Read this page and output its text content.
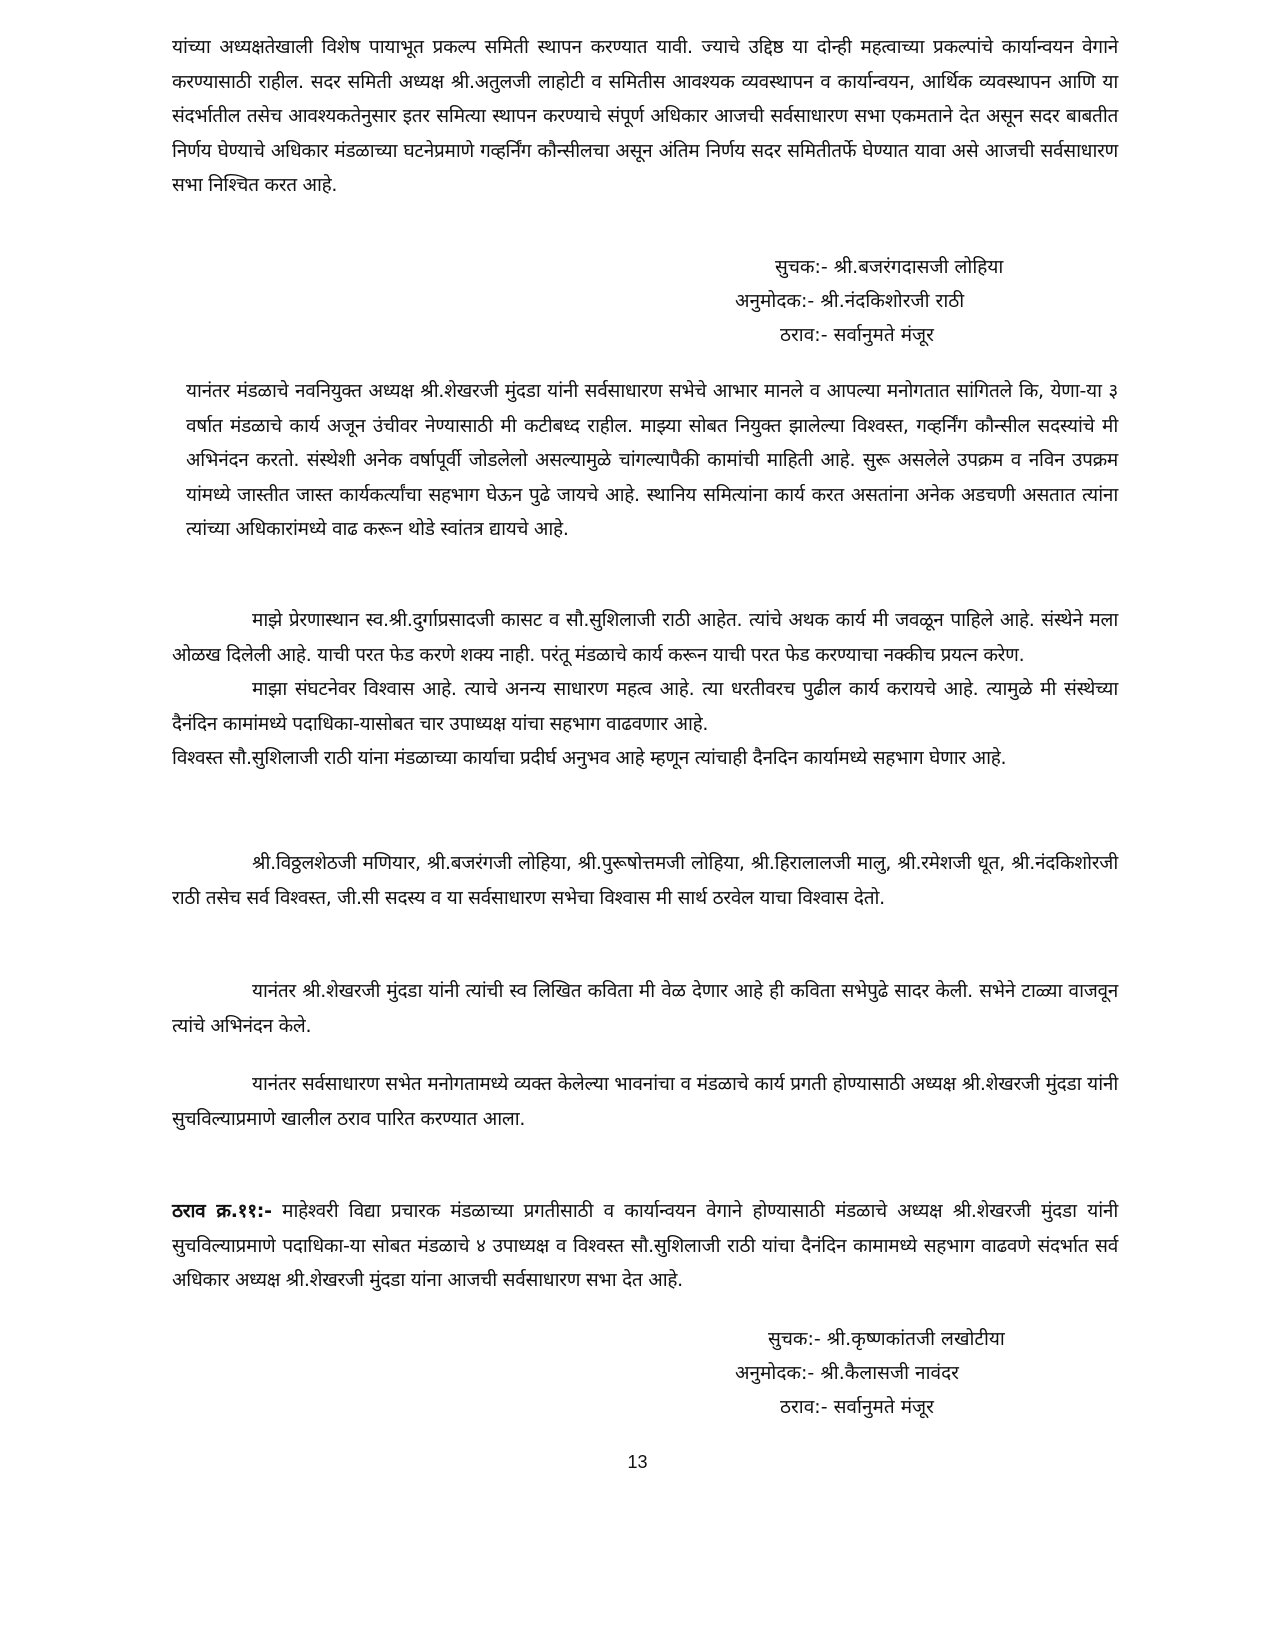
यांच्या अध्यक्षतेखाली विशेष पायाभूत प्रकल्प समिती स्थापन करण्यात यावी. ज्याचे उद्दिष्ठ या दोन्ही महत्वाच्या प्रकल्पांचे कार्यान्वयन वेगाने करण्यासाठी राहील. सदर समिती अध्यक्ष श्री.अतुलजी लाहोटी व समितीस आवश्यक व्यवस्थापन व कार्यान्वयन, आर्थिक व्यवस्थापन आणि या संदर्भातील तसेच आवश्यकतेनुसार इतर समित्या स्थापन करण्याचे संपूर्ण अधिकार आजची सर्वसाधारण सभा एकमताने देत असून सदर बाबतीत निर्णय घेण्याचे अधिकार मंडळाच्या घटनेप्रमाणे गव्हर्निंग कौन्सीलचा असून अंतिम निर्णय सदर समितीतर्फे घेण्यात यावा असे आजची सर्वसाधारण सभा निश्चित करत आहे.

सुचक:- श्री.बजरंगदासजी लोहिया
अनुमोदक:- श्री.नंदकिशोरजी राठी
ठराव:- सर्वानुमते मंजूर

यानंतर मंडळाचे नवनियुक्त अध्यक्ष श्री.शेखरजी मुंदडा यांनी सर्वसाधारण सभेचे आभार मानले व आपल्या मनोगतात सांगितले कि, येणा-या ३ वर्षात मंडळाचे कार्य अजून उंचीवर नेण्यासाठी मी कटीबध्द राहील. माझ्या सोबत नियुक्त झालेल्या विश्वस्त, गव्हर्निंग कौन्सील सदस्यांचे मी अभिनंदन करतो. संस्थेशी अनेक वर्षापूर्वी जोडलेलो असल्यामुळे चांगल्यापैकी कामांची माहिती आहे. सुरू असलेले उपक्रम व नविन उपक्रम यांमध्ये जास्तीत जास्त कार्यकर्त्यांचा सहभाग घेऊन पुढे जायचे आहे. स्थानिय समित्यांना कार्य करत असतांना अनेक अडचणी असतात त्यांना त्यांच्या अधिकारांमध्ये वाढ करून थोडे स्वांतत्र द्यायचे आहे.

माझे प्रेरणास्थान स्व.श्री.दुर्गाप्रसादजी कासट व सौ.सुशिलाजी राठी आहेत. त्यांचे अथक कार्य मी जवळून पाहिले आहे. संस्थेने मला ओळख दिलेली आहे. याची परत फेड करणे शक्य नाही. परंतू मंडळाचे कार्य करून याची परत फेड करण्याचा नक्कीच प्रयत्न करेण.

माझा संघटनेवर विश्वास आहे. त्याचे अनन्य साधारण महत्व आहे. त्या धरतीवरच पुढील कार्य करायचे आहे. त्यामुळे मी संस्थेच्या दैनंदिन कामांमध्ये पदाधिका-यासोबत चार उपाध्यक्ष यांचा सहभाग वाढवणार आहे.

विश्वस्त सौ.सुशिलाजी राठी यांना मंडळाच्या कार्याचा प्रदीर्घ अनुभव आहे म्हणून त्यांचाही दैनदिन कार्यामध्ये सहभाग घेणार आहे.

श्री.विठ्ठलशेठजी मणियार, श्री.बजरंगजी लोहिया, श्री.पुरूषोत्तमजी लोहिया, श्री.हिरालालजी मालु, श्री.रमेशजी धूत, श्री.नंदकिशोरजी राठी तसेच सर्व विश्वस्त, जी.सी सदस्य व या सर्वसाधारण सभेचा विश्वास मी सार्थ ठरवेल याचा विश्वास देतो.

यानंतर श्री.शेखरजी मुंदडा यांनी त्यांची स्व लिखित कविता मी वेळ देणार आहे ही कविता सभेपुढे सादर केली. सभेने टाळ्या वाजवून त्यांचे अभिनंदन केले.

यानंतर सर्वसाधारण सभेत मनोगतामध्ये व्यक्त केलेल्या भावनांचा व मंडळाचे कार्य प्रगती होण्यासाठी अध्यक्ष श्री.शेखरजी मुंदडा यांनी सुचविल्याप्रमाणे खालील ठराव पारित करण्यात आला.

ठराव क्र.११:- माहेश्वरी विद्या प्रचारक मंडळाच्या प्रगतीसाठी व कार्यान्वयन वेगाने होण्यासाठी मंडळाचे अध्यक्ष श्री.शेखरजी मुंदडा यांनी सुचविल्याप्रमाणे पदाधिका-या सोबत मंडळाचे ४ उपाध्यक्ष व विश्वस्त सौ.सुशिलाजी राठी यांचा दैनंदिन कामामध्ये सहभाग वाढवणे संदर्भात सर्व अधिकार अध्यक्ष श्री.शेखरजी मुंदडा यांना आजची सर्वसाधारण सभा देत आहे.

सुचक:- श्री.कृष्णकांतजी लखोटीया
अनुमोदक:- श्री.कैलासजी नावंदर
ठराव:- सर्वानुमते मंजूर
13
